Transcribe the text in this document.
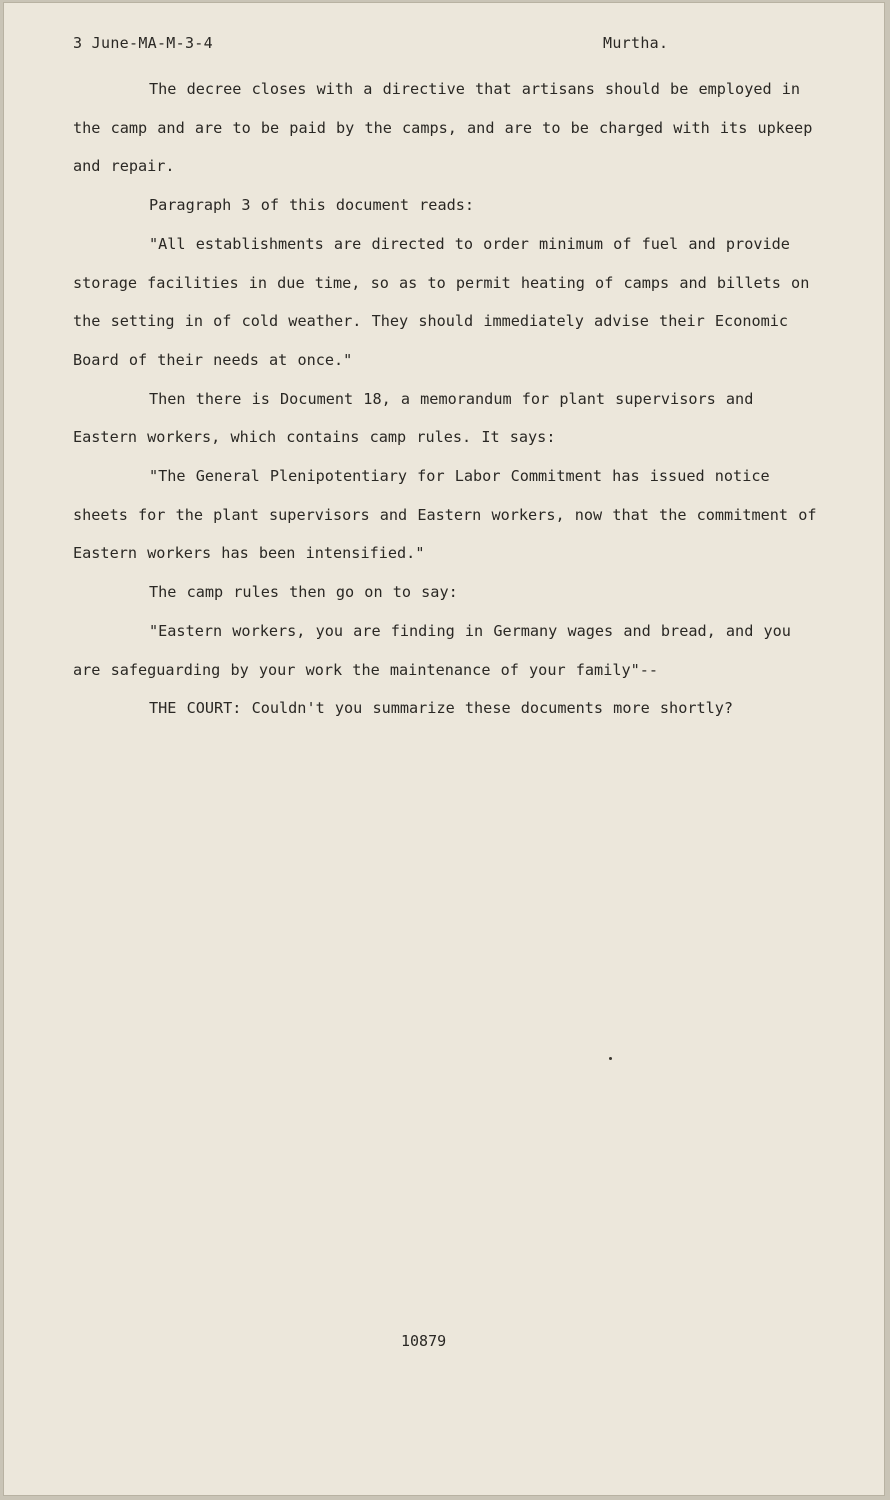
3 June-MA-M-3-4	Murtha.

The decree closes with a directive that artisans should be employed in the camp and are to be paid by the camps, and are to be charged with its upkeep and repair.

Paragraph 3 of this document reads:

"All establishments are directed to order minimum of fuel and provide storage facilities in due time, so as to permit heating of camps and billets on the setting in of cold weather. They should immediately advise their Economic Board of their needs at once."

Then there is Document 18, a memorandum for plant supervisors and Eastern workers, which contains camp rules. It says:

"The General Plenipotentiary for Labor Commitment has issued notice sheets for the plant supervisors and Eastern workers, now that the commitment of Eastern workers has been intensified."

The camp rules then go on to say:

"Eastern workers, you are finding in Germany wages and bread, and you are safeguarding by your work the maintenance of your family"--

THE COURT: Couldn't you summarize these documents more shortly?

10879
